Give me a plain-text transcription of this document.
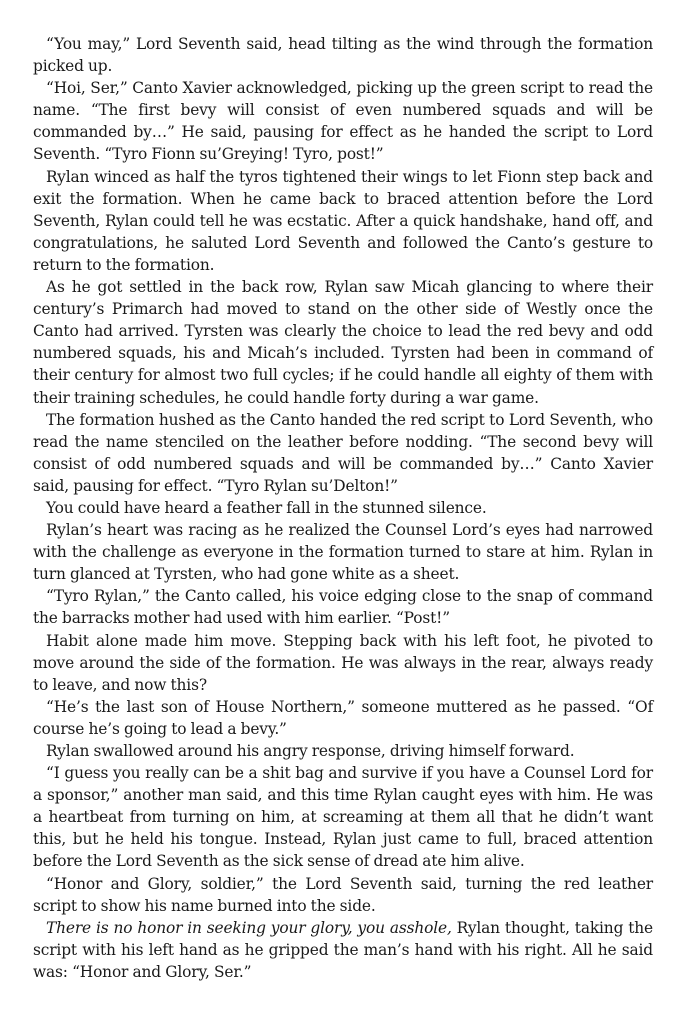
“You may,” Lord Seventh said, head tilting as the wind through the formation picked up.

“Hoi, Ser,” Canto Xavier acknowledged, picking up the green script to read the name. “The first bevy will consist of even numbered squads and will be commanded by…” He said, pausing for effect as he handed the script to Lord Seventh. “Tyro Fionn su’Greying! Tyro, post!”

Rylan winced as half the tyros tightened their wings to let Fionn step back and exit the formation. When he came back to braced attention before the Lord Seventh, Rylan could tell he was ecstatic. After a quick handshake, hand off, and congratulations, he saluted Lord Seventh and followed the Canto’s gesture to return to the formation.

As he got settled in the back row, Rylan saw Micah glancing to where their century’s Primarch had moved to stand on the other side of Westly once the Canto had arrived. Tyrsten was clearly the choice to lead the red bevy and odd numbered squads, his and Micah’s included. Tyrsten had been in command of their century for almost two full cycles; if he could handle all eighty of them with their training schedules, he could handle forty during a war game.

The formation hushed as the Canto handed the red script to Lord Seventh, who read the name stenciled on the leather before nodding. “The second bevy will consist of odd numbered squads and will be commanded by…” Canto Xavier said, pausing for effect. “Tyro Rylan su’Delton!”

You could have heard a feather fall in the stunned silence.

Rylan’s heart was racing as he realized the Counsel Lord’s eyes had narrowed with the challenge as everyone in the formation turned to stare at him. Rylan in turn glanced at Tyrsten, who had gone white as a sheet.

“Tyro Rylan,” the Canto called, his voice edging close to the snap of command the barracks mother had used with him earlier. “Post!”

Habit alone made him move. Stepping back with his left foot, he pivoted to move around the side of the formation. He was always in the rear, always ready to leave, and now this?

“He’s the last son of House Northern,” someone muttered as he passed. “Of course he’s going to lead a bevy.”

Rylan swallowed around his angry response, driving himself forward.

“I guess you really can be a shit bag and survive if you have a Counsel Lord for a sponsor,” another man said, and this time Rylan caught eyes with him. He was a heartbeat from turning on him, at screaming at them all that he didn’t want this, but he held his tongue. Instead, Rylan just came to full, braced attention before the Lord Seventh as the sick sense of dread ate him alive.

“Honor and Glory, soldier,” the Lord Seventh said, turning the red leather script to show his name burned into the side.

There is no honor in seeking your glory, you asshole, Rylan thought, taking the script with his left hand as he gripped the man’s hand with his right. All he said was: “Honor and Glory, Ser.”
